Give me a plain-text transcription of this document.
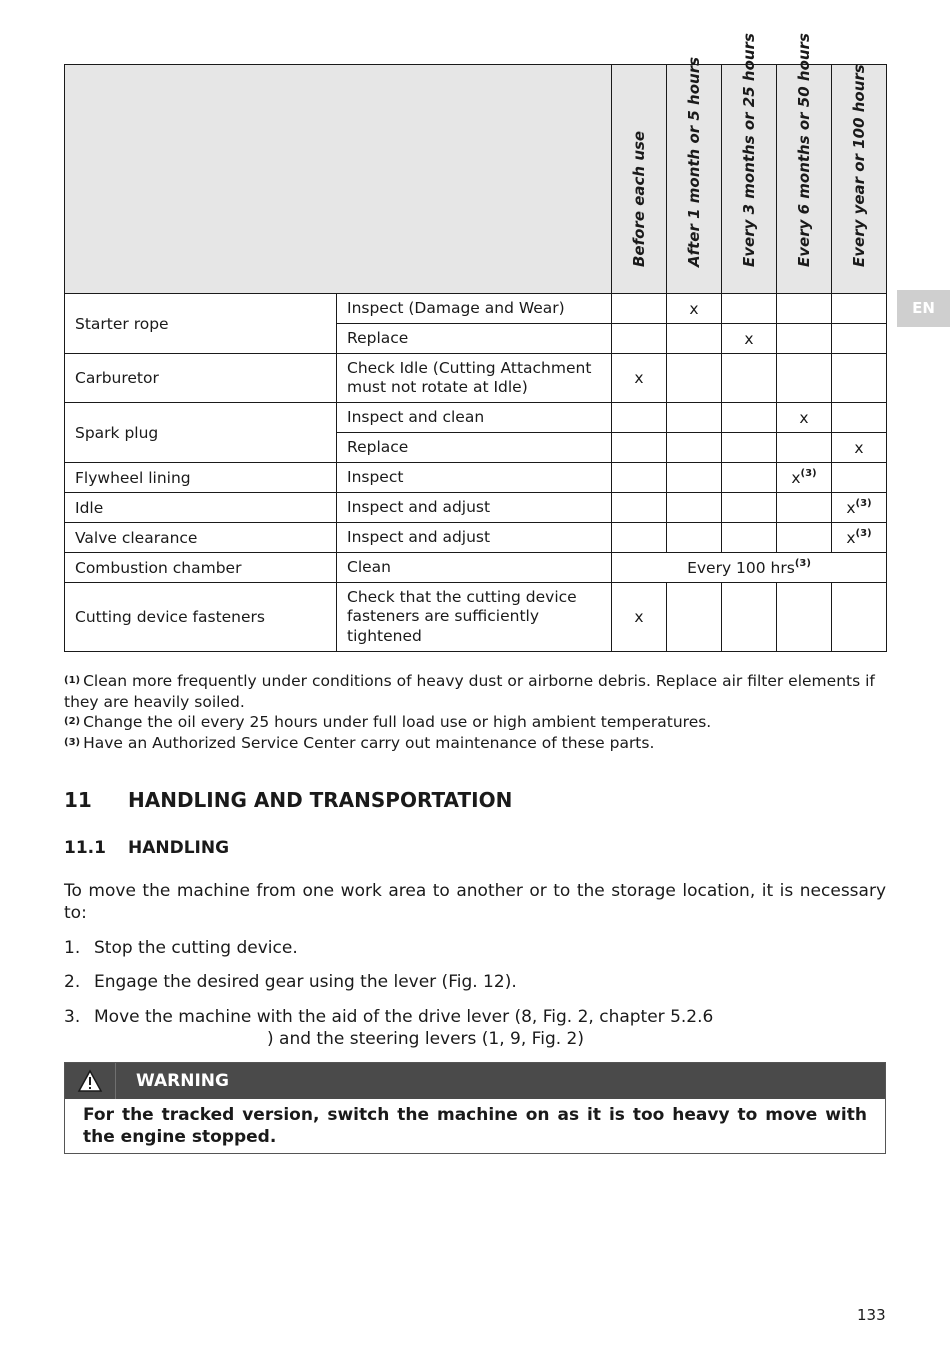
		Before each use	After 1 month or 5 hours	Every 3 months or 25 hours	Every 6 months or 50 hours	Every year or 100 hours

Starter rope	Inspect (Damage and Wear)		x			
	Replace			x		
Carburetor	Check Idle (Cutting Attachment must not rotate at Idle)	x				
Spark plug	Inspect and clean				x	
	Replace					x
Flywheel lining	Inspect				x$^{(3)}$	
Idle	Inspect and adjust					x$^{(3)}$
Valve clearance	Inspect and adjust					x$^{(3)}$
Combustion chamber	Clean	Every 100 hrs$^{(3)}$
Cutting device fasteners	Check that the cutting device fasteners are sufficiently tightened	x				
$^{(1)}$ Clean more frequently under conditions of heavy dust or airborne debris. Replace air filter elements if they are heavily soiled.
$^{(2)}$ Change the oil every 25 hours under full load use or high ambient temperatures.
$^{(3)}$ Have an Authorized Service Center carry out maintenance of these parts.
11 HANDLING AND TRANSPORTATION
11.1 HANDLING
To move the machine from one work area to another or to the storage location, it is necessary to:
1. Stop the cutting device.
2. Engage the desired gear using the lever (Fig. 12).
3. Move the machine with the aid of the drive lever (8, Fig. 2, chapter 5.2.6
) and the steering levers (1, 9, Fig. 2)
WARNING
For the tracked version, switch the machine on as it is too heavy to move with the engine stopped.
EN
133
